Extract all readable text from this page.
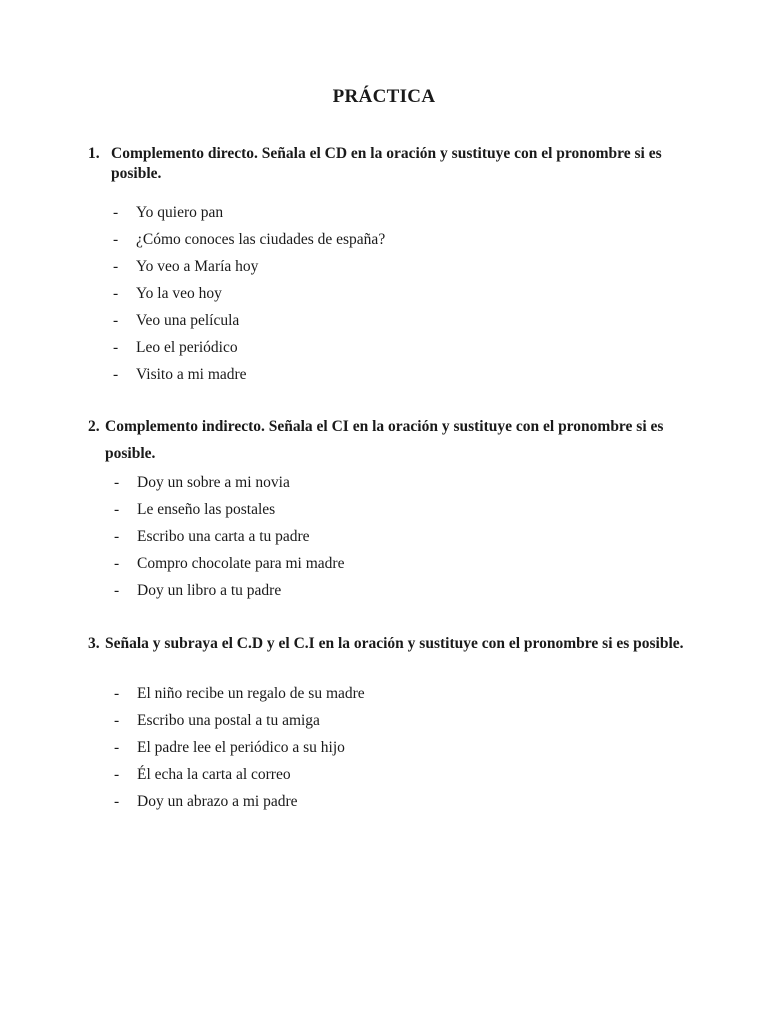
PRÁCTICA
1. Complemento directo. Señala el CD en la oración y sustituye con el pronombre si es posible.
- Yo quiero pan
- ¿Cómo conoces las ciudades de españa?
- Yo veo a María hoy
- Yo la veo hoy
- Veo una película
- Leo el periódico
- Visito a mi madre
2. Complemento indirecto. Señala el CI en la oración y sustituye con el pronombre si es posible.
- Doy un sobre a mi novia
- Le enseño las postales
- Escribo una carta a tu padre
- Compro chocolate para mi madre
- Doy un libro a tu padre
3. Señala y subraya el C.D y el C.I en la oración y sustituye con el pronombre si es posible.
- El niño recibe un regalo de su madre
- Escribo una postal a tu amiga
- El padre lee el periódico a su hijo
- Él echa la carta al correo
- Doy un abrazo a mi padre
